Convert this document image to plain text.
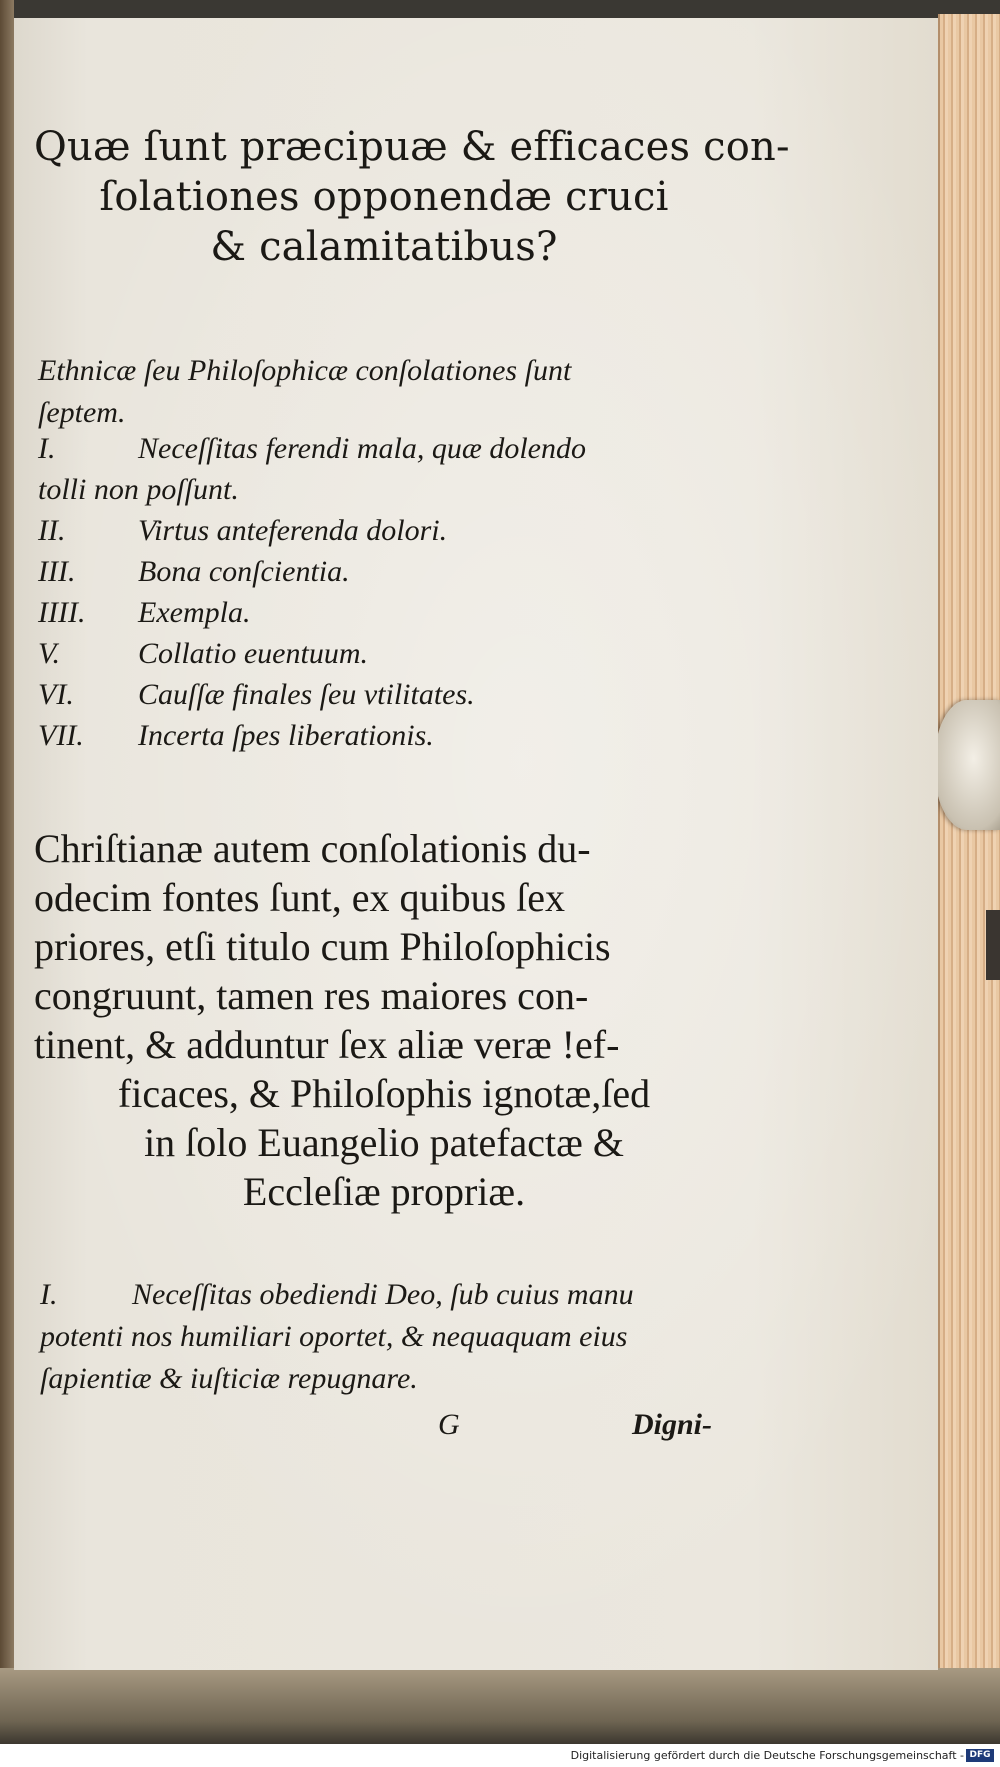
Quæ ſunt præcipuæ & efficaces con-
ſolationes opponendæ cruci
& calamitatibus?
Ethnicæ ſeu Philoſophicæ conſolationes ſunt
ſeptem.
I.	Neceſſitas ferendi mala, quæ dolendo
tolli non poſſunt.
II. Virtus anteferenda dolori.
III. Bona conſcientia.
IIII. Exempla.
V.	Collatio euentuum.
VI. Cauſſæ finales ſeu vtilitates.
VII. Incerta ſpes liberationis.
Chriſtianæ autem conſolationis du-
odecim fontes ſunt, ex quibus ſex
priores, etſi titulo cum Philoſophicis
congruunt, tamen res maiores con-
tinent, & adduntur ſex aliæ veræ !ef-
ficaces, & Philoſophis ignotæ,ſed
in ſolo Euangelio patefactæ &
Eccleſiæ propriæ.
I. Neceſſitas obediendi Deo, ſub cuius manu
potenti nos humiliari oportet, & nequaquam eius
ſapientiæ & iuſticiæ repugnare.
G	Digni-
Digitalisierung gefördert durch die Deutsche Forschungsgemeinschaft - DFG
